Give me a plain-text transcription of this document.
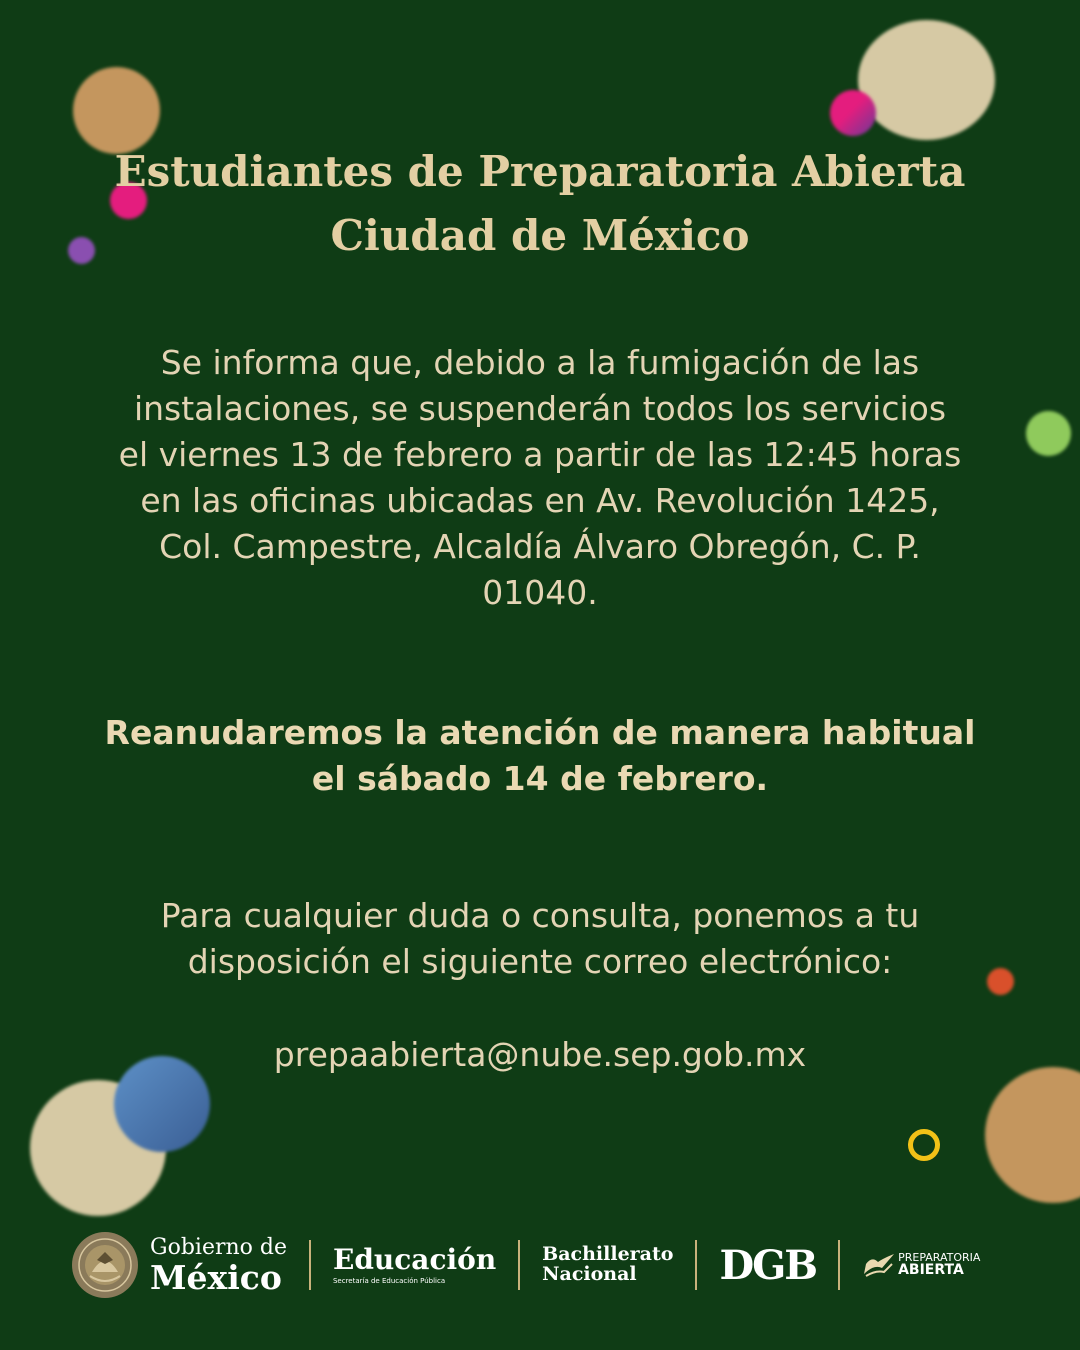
Estudiantes de Preparatoria Abierta
Ciudad de México

Se informa que, debido a la fumigación de las
instalaciones, se suspenderán todos los servicios
el viernes 13 de febrero a partir de las 12:45 horas
en las oficinas ubicadas en Av. Revolución 1425,
Col. Campestre, Alcaldía Álvaro Obregón, C. P.
01040.

Reanudaremos la atención de manera habitual
el sábado 14 de febrero.

Para cualquier duda o consulta, ponemos a tu
disposición el siguiente correo electrónico:

prepaabierta@nube.sep.gob.mx

Gobierno de
México Educación
Secretaría de Educación Pública
Bachillerato
Nacional	DGB	PREPARATORIA
ABIERTA
